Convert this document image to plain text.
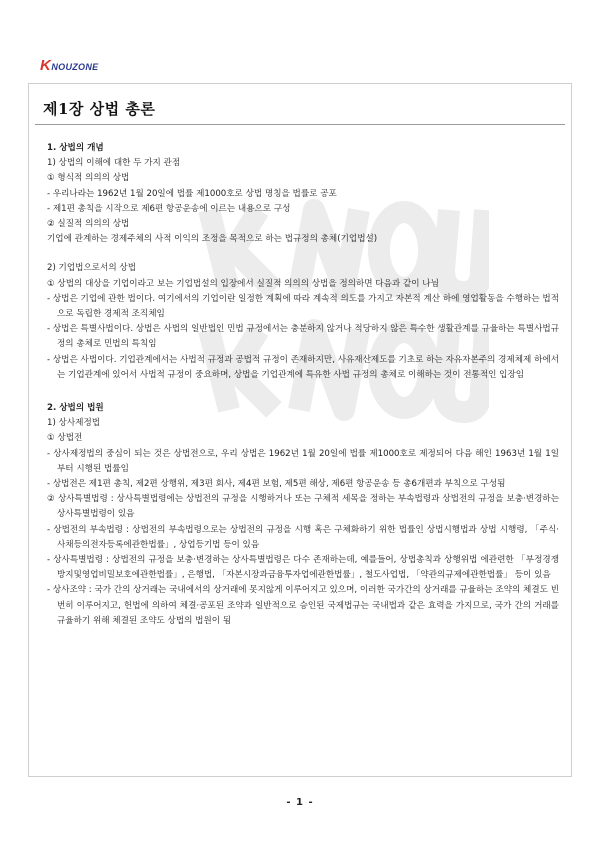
K NOUZONE
제1장 상법 총론

1. 상법의 개념

1) 상법의 이해에 대한 두 가지 관점

① 형식적 의의의 상법

- 우리나라는 1962년 1월 20일에 법률 제1000호로 상법 명칭을 법률로 공포

- 제1편 총칙을 시작으로 제6편 항공운송에 이르는 내용으로 구성

② 실질적 의의의 상법

기업에 관계하는 경제주체의 사적 이익의 조정을 목적으로 하는 법규정의 총체(기업법설)

2) 기업법으로서의 상법

① 상법의 대상을 기업이라고 보는 기업법설의 입장에서 실질적 의의의 상법을 정의하면 다음과 같이 나뉨

- 상법은 기업에 관한 법이다. 여기에서의 기업이란 일정한 계획에 따라 계속적 의도를 가지고 자본적 계산 하에 영업활동을 수행하는 법적으로 독립한 경제적 조직체임

- 상법은 특별사법이다. 상법은 사법의 일반법인 민법 규정에서는 충분하지 않거나 적당하지 않은 특수한 생활관계를 규율하는 특별사법규정의 총체로 민법의 특칙임

- 상법은 사법이다. 기업관계에서는 사법적 규정과 공법적 규정이 존재하지만, 사유재산제도를 기초로 하는 자유자본주의 경제체제 하에서는 기업관계에 있어서 사법적 규정이 중요하며, 상법을 기업관계에 특유한 사법 규정의 총체로 이해하는 것이 전통적인 입장임

2. 상법의 법원

1) 상사제정법

① 상법전

- 상사제정법의 중심이 되는 것은 상법전으로, 우리 상법은 1962년 1월 20일에 법률 제1000호로 제정되어 다음 해인 1963년 1월 1일부터 시행된 법률임

- 상법전은 제1편 총칙, 제2편 상행위, 제3편 회사, 제4편 보험, 제5편 해상, 제6편 항공운송 등 총6개편과 부칙으로 구성됨

② 상사특별법령 : 상사특별법령에는 상법전의 규정을 시행하거나 또는 구체적 세목을 정하는 부속법령과 상법전의 규정을 보충·변경하는 상사특별법령이 있음

- 상법전의 부속법령 : 상법전의 부속법령으로는 상법전의 규정을 시행 혹은 구체화하기 위한 법률인 상법시행법과 상법 시행령, 「주식·사채등의전자등록에관한법률」, 상업등기법 등이 있음

- 상사특별법령 : 상법전의 규정을 보충·변경하는 상사특별법령은 다수 존재하는데, 예를들어, 상법총칙과 상행위법 에관련한 「부정경쟁방지및영업비밀보호에관한법률」, 은행법, 「자본시장과금융투자업에관한법률」, 철도사업법, 「약관의규제에관한법률」 등이 있음

- 상사조약 : 국가 간의 상거래는 국내에서의 상거래에 못지않게 이루어지고 있으며, 이러한 국가간의 상거래를 규율하는 조약의 체결도 빈번히 이루어지고, 헌법에 의하여 체결·공포된 조약과 일반적으로 승인된 국제법규는 국내법과 같은 효력을 가지므로, 국가 간의 거래를 규율하기 위해 체결된 조약도 상법의 법원이 됨

- 1 -
